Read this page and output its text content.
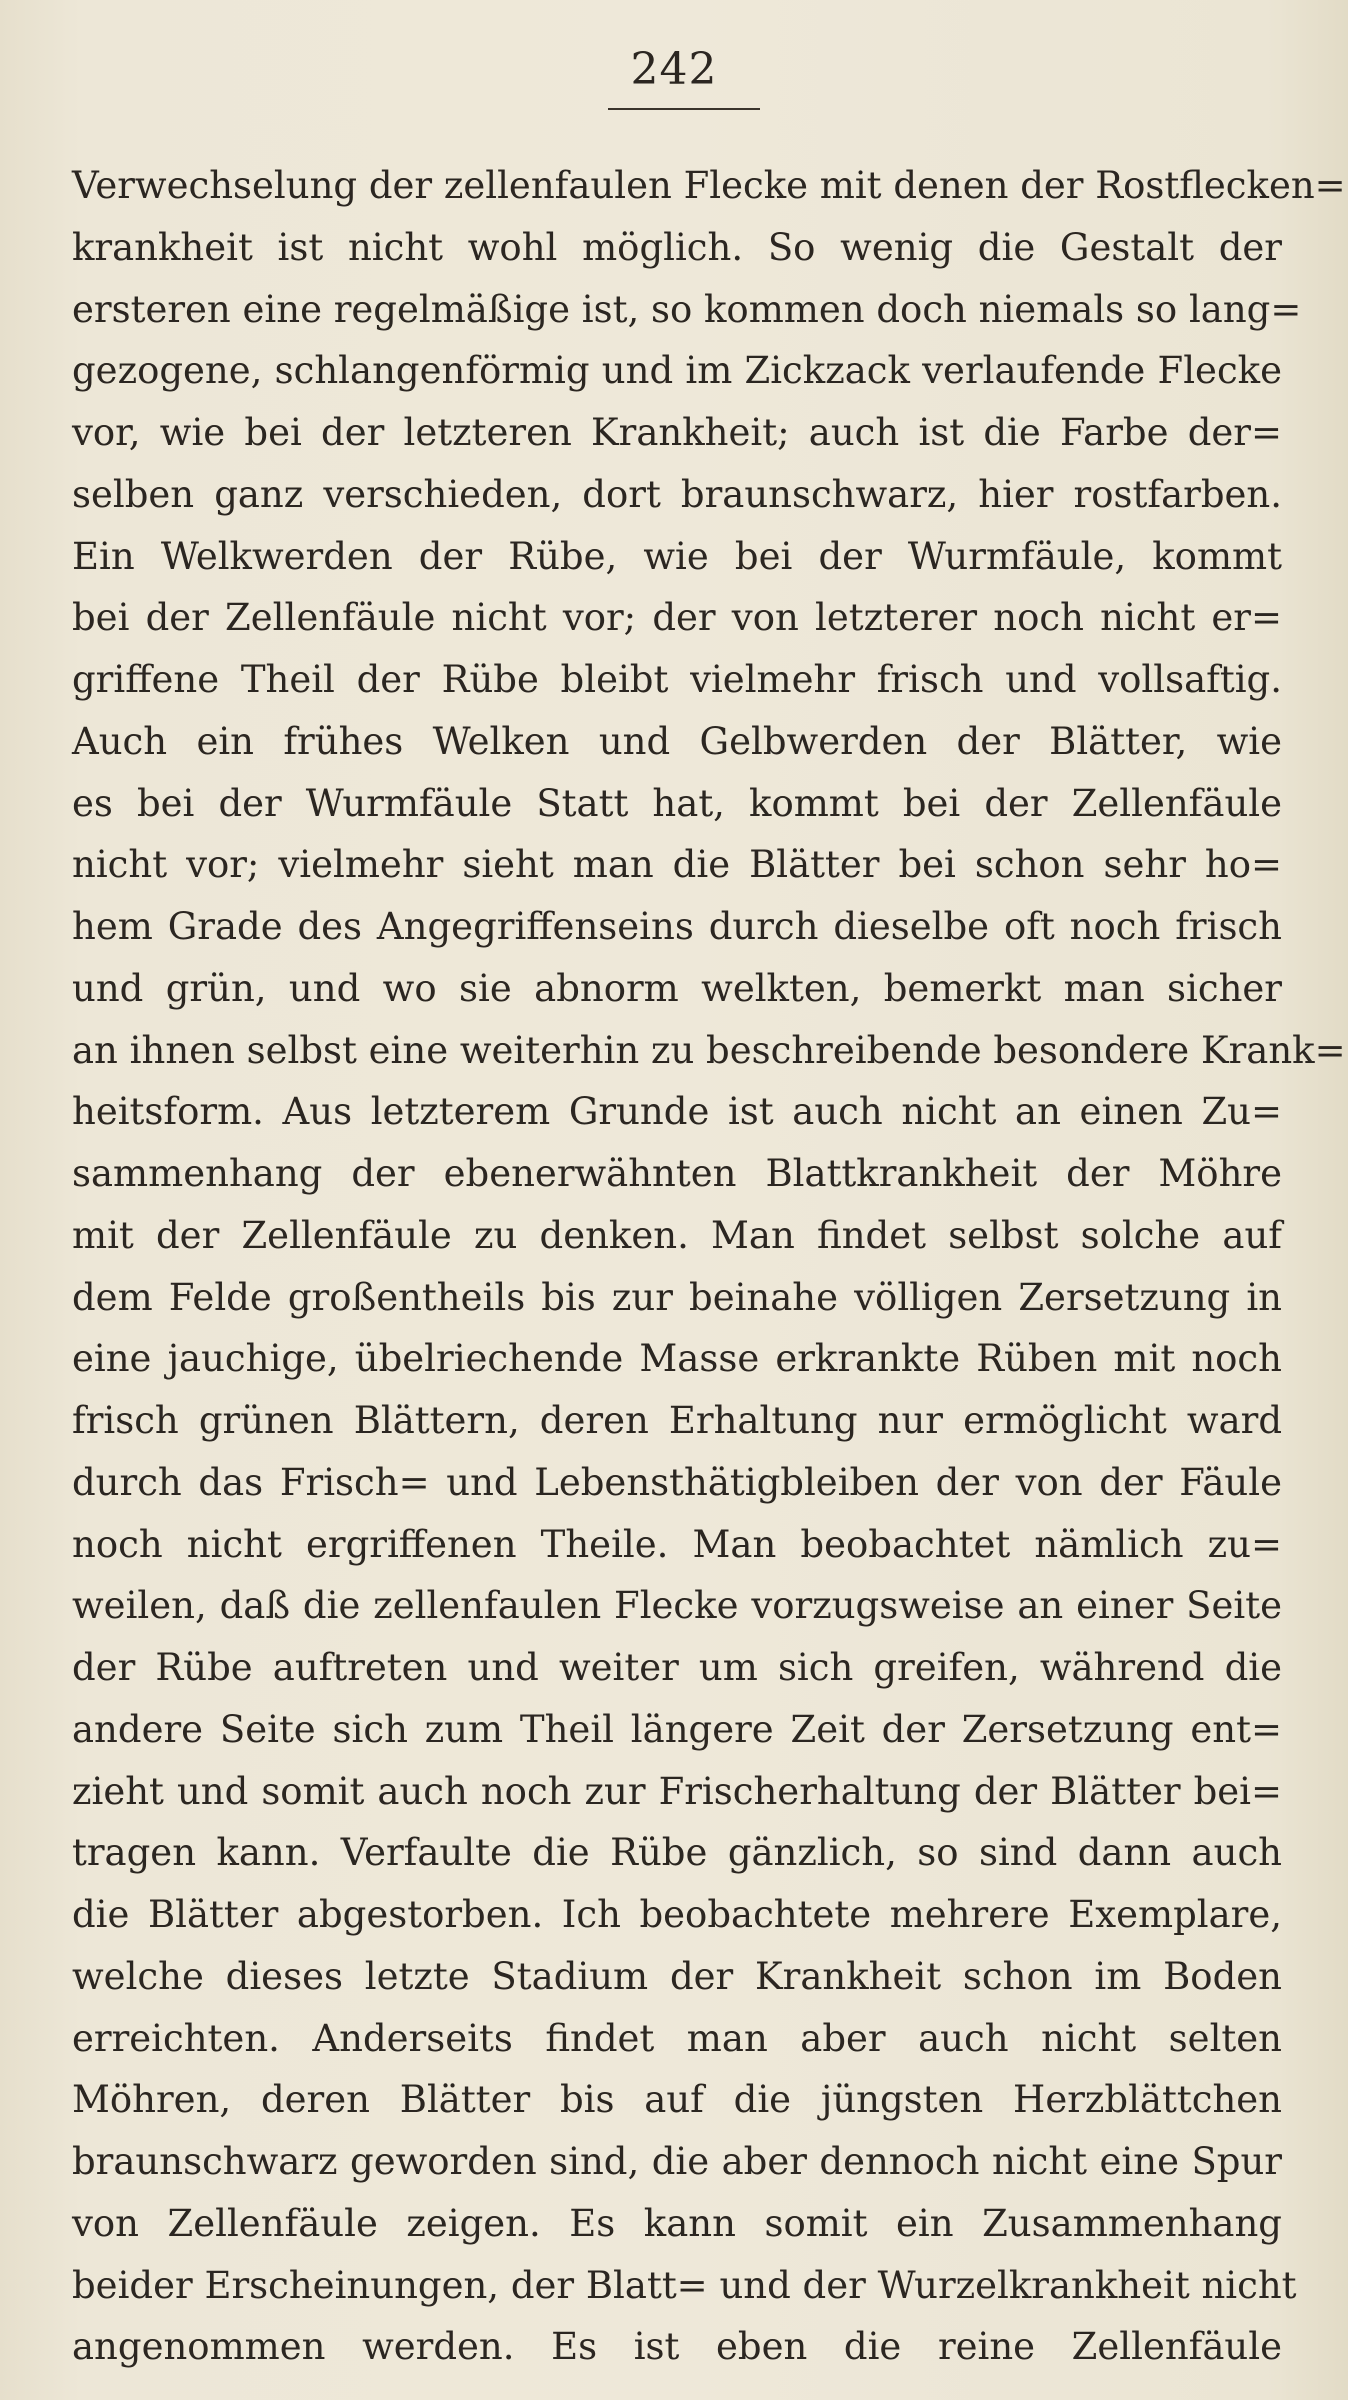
242
Verwechselung der zellenfaulen Flecke mit denen der Rostflecken=
krankheit ist nicht wohl möglich. So wenig die Gestalt der
ersteren eine regelmäßige ist, so kommen doch niemals so lang=
gezogene, schlangenförmig und im Zickzack verlaufende Flecke
vor, wie bei der letzteren Krankheit; auch ist die Farbe der=
selben ganz verschieden, dort braunschwarz, hier rostfarben.
Ein Welkwerden der Rübe, wie bei der Wurmfäule, kommt
bei der Zellenfäule nicht vor; der von letzterer noch nicht er=
griffene Theil der Rübe bleibt vielmehr frisch und vollsaftig.
Auch ein frühes Welken und Gelbwerden der Blätter, wie
es bei der Wurmfäule Statt hat, kommt bei der Zellenfäule
nicht vor; vielmehr sieht man die Blätter bei schon sehr ho=
hem Grade des Angegriffenseins durch dieselbe oft noch frisch
und grün, und wo sie abnorm welkten, bemerkt man sicher
an ihnen selbst eine weiterhin zu beschreibende besondere Krank=
heitsform. Aus letzterem Grunde ist auch nicht an einen Zu=
sammenhang der ebenerwähnten Blattkrankheit der Möhre
mit der Zellenfäule zu denken. Man findet selbst solche auf
dem Felde großentheils bis zur beinahe völligen Zersetzung in
eine jauchige, übelriechende Masse erkrankte Rüben mit noch
frisch grünen Blättern, deren Erhaltung nur ermöglicht ward
durch das Frisch= und Lebensthätigbleiben der von der Fäule
noch nicht ergriffenen Theile. Man beobachtet nämlich zu=
weilen, daß die zellenfaulen Flecke vorzugsweise an einer Seite
der Rübe auftreten und weiter um sich greifen, während die
andere Seite sich zum Theil längere Zeit der Zersetzung ent=
zieht und somit auch noch zur Frischerhaltung der Blätter bei=
tragen kann. Verfaulte die Rübe gänzlich, so sind dann auch
die Blätter abgestorben. Ich beobachtete mehrere Exemplare,
welche dieses letzte Stadium der Krankheit schon im Boden
erreichten. Anderseits findet man aber auch nicht selten
Möhren, deren Blätter bis auf die jüngsten Herzblättchen
braunschwarz geworden sind, die aber dennoch nicht eine Spur
von Zellenfäule zeigen. Es kann somit ein Zusammenhang
beider Erscheinungen, der Blatt= und der Wurzelkrankheit nicht
angenommen werden. Es ist eben die reine Zellenfäule
